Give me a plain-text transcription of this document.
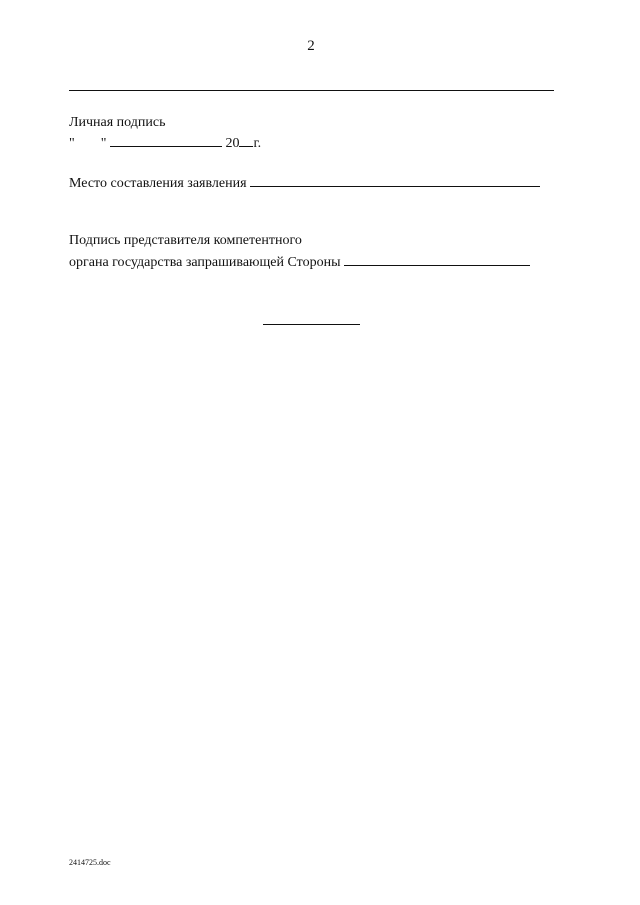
2
Личная подпись
" "	20 г.
Место составления заявления
Подпись представителя компетентного
органа государства запрашивающей Стороны
2414725.doc
